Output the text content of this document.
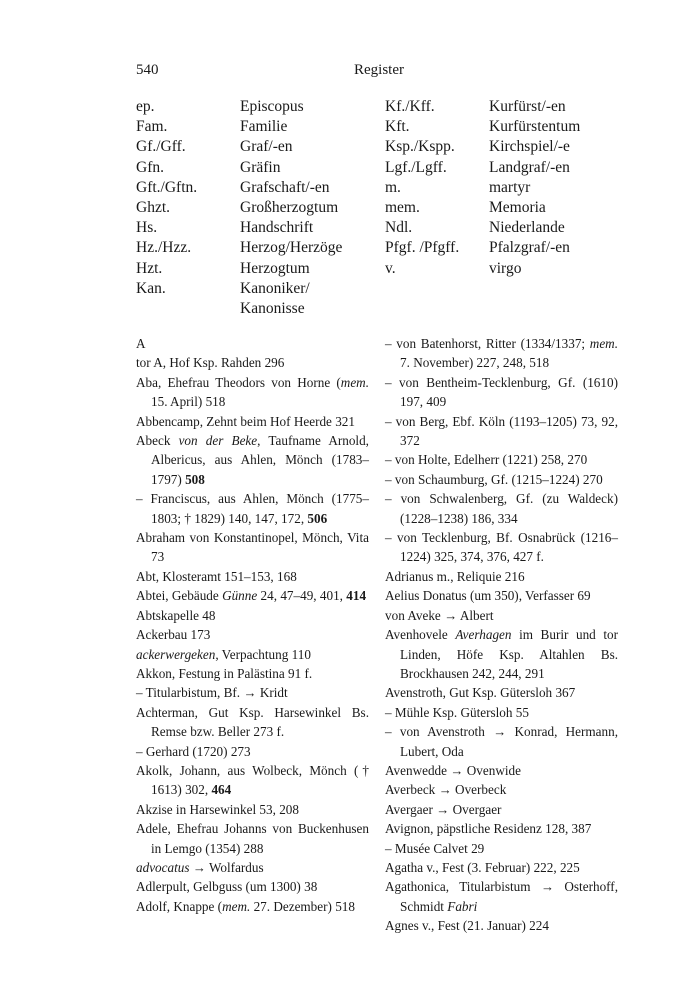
540	Register
ep.	Episcopus
Fam.	Familie
Gf./Gff.	Graf/-en
Gfn.	Gräfin
Gft./Gftn.	Grafschaft/-en
Ghzt.	Großherzogtum
Hs.	Handschrift
Hz./Hzz.	Herzog/Herzöge
Hzt.	Herzogtum
Kan.	Kanoniker/
Kanonisse
Kf./Kff.	Kurfürst/-en
Kft.	Kurfürstentum
Ksp./Kspp. Kirchspiel/-e
Lgf./Lgff.	Landgraf/-en
m.	martyr
mem.	Memoria
Ndl.	Niederlande
Pfgf. /Pfgff. Pfalzgraf/-en
v.	virgo

A

tor A, Hof Ksp. Rahden 296

Aba, Ehefrau Theodors von Horne (mem. 15. April) 518

Abbencamp, Zehnt beim Hof Heerde 321

Abeck von der Beke, Taufname Arnold, Albericus, aus Ahlen, Mönch (1783–1797) 508

– Franciscus, aus Ahlen, Mönch (1775–1803; † 1829) 140, 147, 172, 506

Abraham von Konstantinopel, Mönch, Vita 73

Abt, Klosteramt 151–153, 168

Abtei, Gebäude Günne 24, 47–49, 401, 414

Abtskapelle 48

Ackerbau 173

ackerwergeken, Verpachtung 110

Akkon, Festung in Palästina 91 f.

– Titularbistum, Bf. → Kridt

Achterman, Gut Ksp. Harsewinkel Bs. Remse bzw. Beller 273 f.

– Gerhard (1720) 273

Akolk, Johann, aus Wolbeck, Mönch († 1613) 302, 464

Akzise in Harsewinkel 53, 208

Adele, Ehefrau Johanns von Buckenhusen in Lemgo (1354) 288

advocatus → Wolfardus

Adlerpult, Gelbguss (um 1300) 38

Adolf, Knappe (mem. 27. Dezember) 518

– von Batenhorst, Ritter (1334/1337; mem. 7. November) 227, 248, 518

– von Bentheim-Tecklenburg, Gf. (1610) 197, 409

– von Berg, Ebf. Köln (1193–1205) 73, 92, 372

– von Holte, Edelherr (1221) 258, 270

– von Schaumburg, Gf. (1215–1224) 270

– von Schwalenberg, Gf. (zu Waldeck) (1228–1238) 186, 334

– von Tecklenburg, Bf. Osnabrück (1216–1224) 325, 374, 376, 427 f.

Adrianus m., Reliquie 216

Aelius Donatus (um 350), Verfasser 69

von Aveke → Albert

Avenhovele Averhagen im Burir und tor Linden, Höfe Ksp. Altahlen Bs. Brockhausen 242, 244, 291

Avenstroth, Gut Ksp. Gütersloh 367

– Mühle Ksp. Gütersloh 55

– von Avenstroth → Konrad, Hermann, Lubert, Oda

Avenwedde → Ovenwide

Averbeck → Overbeck

Avergaer → Overgaer

Avignon, päpstliche Residenz 128, 387

– Musée Calvet 29

Agatha v., Fest (3. Februar) 222, 225

Agathonica, Titularbistum → Osterhoff, Schmidt Fabri

Agnes v., Fest (21. Januar) 224
